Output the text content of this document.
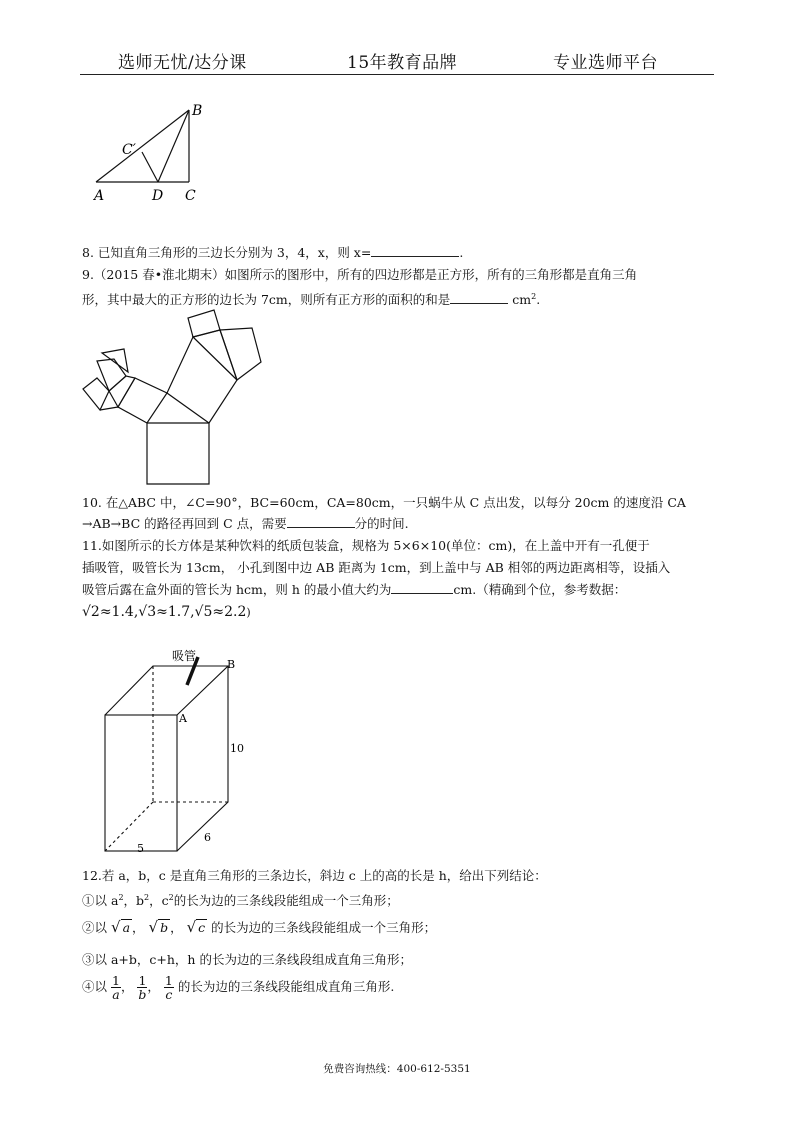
选师无忧/达分课	15年教育品牌	专业选师平台
B
C′
A	D C
8. 已知直角三角形的三边长分别为 3，4，x，则 x=	.
9.（2015 春•淮北期末）如图所示的图形中，所有的四边形都是正方形，所有的三角形都是直角三角
形，其中最大的正方形的边长为 7cm，则所有正方形的面积的和是	$cm^2$.
10. 在△ABC 中，∠C=90°，BC=60cm，CA=80cm，一只蜗牛从 C 点出发，以每分 20cm 的速度沿 CA
→AB→BC 的路径再回到 C 点，需要	分的时间.
11.如图所示的长方体是某种饮料的纸质包装盒，规格为 5×6×10(单位：cm)，在上盖中开有一孔便于
插吸管，吸管长为 13cm， 小孔到图中边 AB 距离为 1cm，到上盖中与 AB 相邻的两边距离相等，设插入
吸管后露在盒外面的管长为 hcm，则 h 的最小值大约为	cm.（精确到个位，参考数据：
√2≈1.4,√3≈1.7,√5≈2.2)
吸管
B
A
10
5
6
12.若 a，b，c 是直角三角形的三条边长，斜边 c 上的高的长是 h，给出下列结论：
①以 $a^2$，$b^2$，$c^2$的长为边的三条线段能组成一个三角形；
②以 √ a ， √ b ， √ c 的长为边的三条线段能组成一个三角形；
③以 a+b，c+h，h 的长为边的三条线段组成直角三角形；
④以 $\frac{1}{a}$ ， $\frac{1}{b}$ ， $\frac{1}{c}$ 的长为边的三条线段能组成直角三角形.
免费咨询热线：400-612-5351
